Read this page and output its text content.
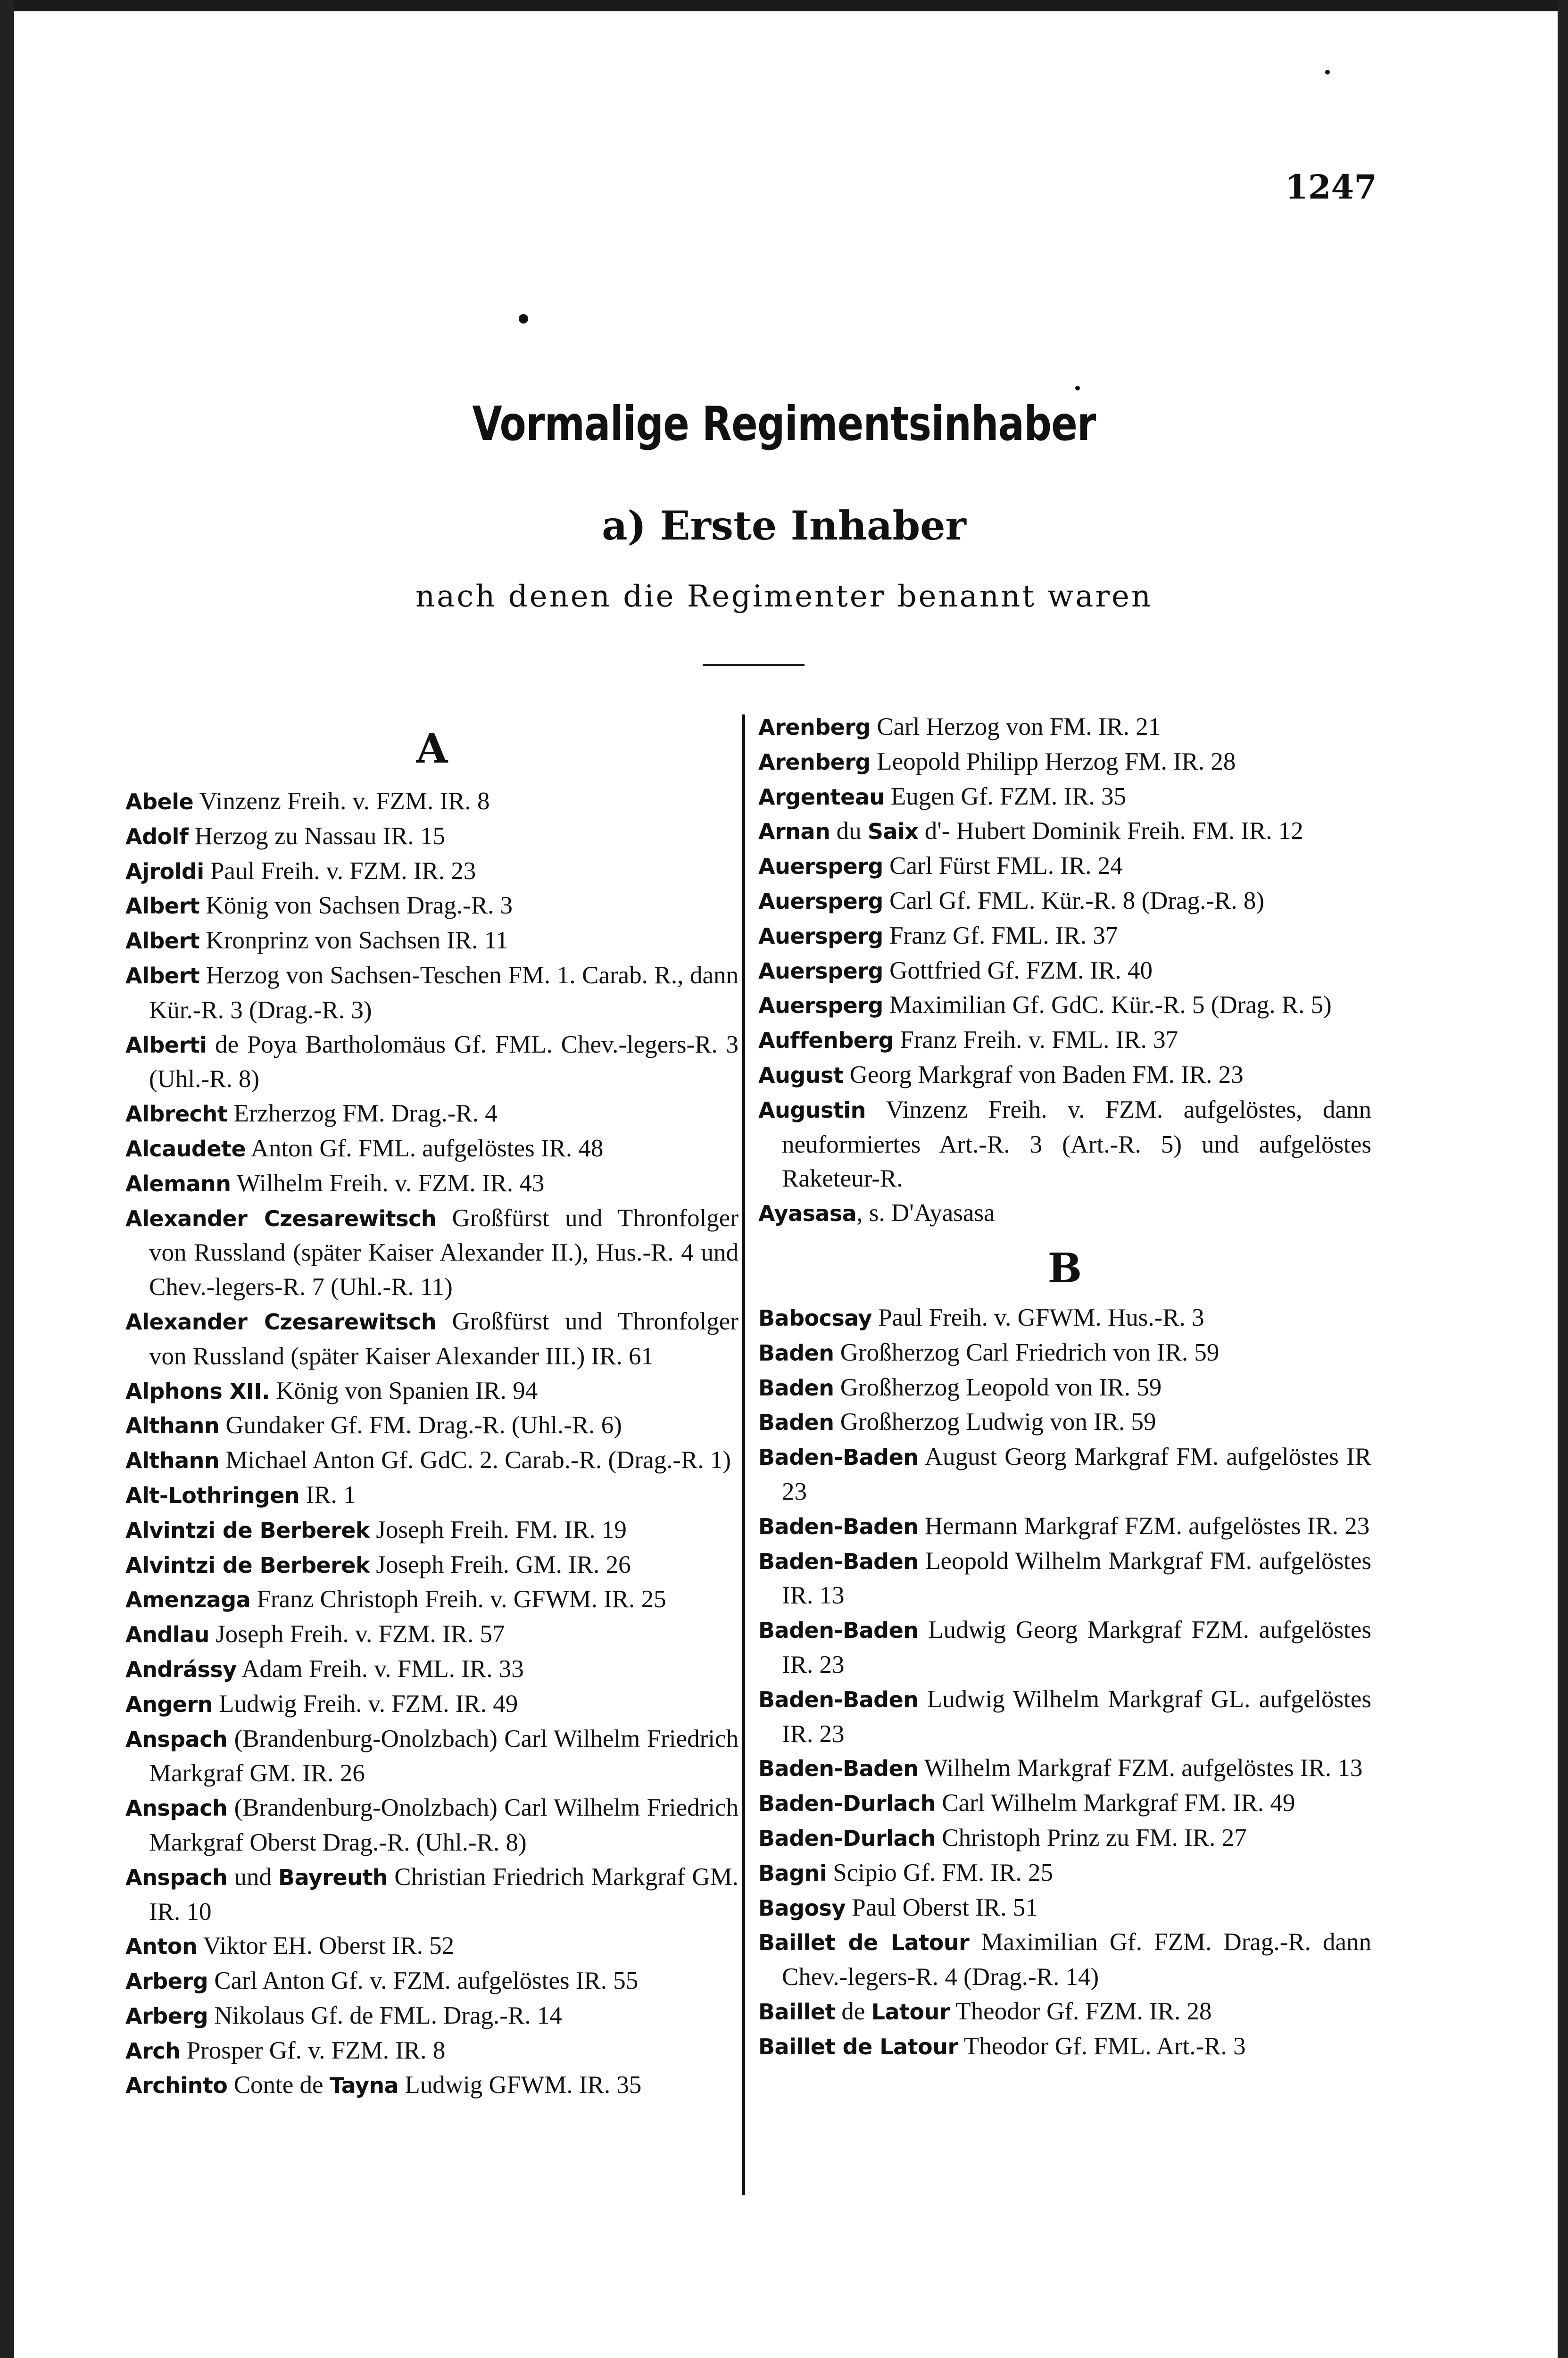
1247
Vormalige Regimentsinhaber
a) Erste Inhaber
nach denen die Regimenter benannt waren
A

Abele Vinzenz Freih. v. FZM. IR. 8

Adolf Herzog zu Nassau IR. 15

Ajroldi Paul Freih. v. FZM. IR. 23

Albert König von Sachsen Drag.-R. 3

Albert Kronprinz von Sachsen IR. 11

Albert Herzog von Sachsen-Teschen FM. 1. Carab. R., dann Kür.-R. 3 (Drag.-R. 3)

Alberti de Poya Bartholomäus Gf. FML. Chev.-legers-R. 3 (Uhl.-R. 8)

Albrecht Erzherzog FM. Drag.-R. 4

Alcaudete Anton Gf. FML. aufgelöstes IR. 48

Alemann Wilhelm Freih. v. FZM. IR. 43

Alexander Czesarewitsch Großfürst und Thronfolger von Russland (später Kaiser Alexander II.), Hus.-R. 4 und Chev.-legers-R. 7 (Uhl.-R. 11)

Alexander Czesarewitsch Großfürst und Thronfolger von Russland (später Kaiser Alexander III.) IR. 61

Alphons XII. König von Spanien IR. 94

Althann Gundaker Gf. FM. Drag.-R. (Uhl.-R. 6)

Althann Michael Anton Gf. GdC. 2. Carab.-R. (Drag.-R. 1)

Alt-Lothringen IR. 1

Alvintzi de Berberek Joseph Freih. FM. IR. 19

Alvintzi de Berberek Joseph Freih. GM. IR. 26

Amenzaga Franz Christoph Freih. v. GFWM. IR. 25

Andlau Joseph Freih. v. FZM. IR. 57

Andrássy Adam Freih. v. FML. IR. 33

Angern Ludwig Freih. v. FZM. IR. 49

Anspach (Brandenburg-Onolzbach) Carl Wilhelm Friedrich Markgraf GM. IR. 26

Anspach (Brandenburg-Onolzbach) Carl Wilhelm Friedrich Markgraf Oberst Drag.-R. (Uhl.-R. 8)

Anspach und Bayreuth Christian Friedrich Markgraf GM. IR. 10

Anton Viktor EH. Oberst IR. 52

Arberg Carl Anton Gf. v. FZM. aufgelöstes IR. 55

Arberg Nikolaus Gf. de FML. Drag.-R. 14

Arch Prosper Gf. v. FZM. IR. 8

Archinto Conte de Tayna Ludwig GFWM. IR. 35

Arenberg Carl Herzog von FM. IR. 21

Arenberg Leopold Philipp Herzog FM. IR. 28

Argenteau Eugen Gf. FZM. IR. 35

Arnan du Saix d'- Hubert Dominik Freih. FM. IR. 12

Auersperg Carl Fürst FML. IR. 24

Auersperg Carl Gf. FML. Kür.-R. 8 (Drag.-R. 8)

Auersperg Franz Gf. FML. IR. 37

Auersperg Gottfried Gf. FZM. IR. 40

Auersperg Maximilian Gf. GdC. Kür.-R. 5 (Drag. R. 5)

Auffenberg Franz Freih. v. FML. IR. 37

August Georg Markgraf von Baden FM. IR. 23

Augustin Vinzenz Freih. v. FZM. aufgelöstes, dann neuformiertes Art.-R. 3 (Art.-R. 5) und aufgelöstes Raketeur-R.

Ayasasa, s. D'Ayasasa

B

Babocsay Paul Freih. v. GFWM. Hus.-R. 3

Baden Großherzog Carl Friedrich von IR. 59

Baden Großherzog Leopold von IR. 59

Baden Großherzog Ludwig von IR. 59

Baden-Baden August Georg Markgraf FM. aufgelöstes IR 23

Baden-Baden Hermann Markgraf FZM. aufgelöstes IR. 23

Baden-Baden Leopold Wilhelm Markgraf FM. aufgelöstes IR. 13

Baden-Baden Ludwig Georg Markgraf FZM. aufgelöstes IR. 23

Baden-Baden Ludwig Wilhelm Markgraf GL. aufgelöstes IR. 23

Baden-Baden Wilhelm Markgraf FZM. aufgelöstes IR. 13

Baden-Durlach Carl Wilhelm Markgraf FM. IR. 49

Baden-Durlach Christoph Prinz zu FM. IR. 27

Bagni Scipio Gf. FM. IR. 25

Bagosy Paul Oberst IR. 51

Baillet de Latour Maximilian Gf. FZM. Drag.-R. dann Chev.-legers-R. 4 (Drag.-R. 14)

Baillet de Latour Theodor Gf. FZM. IR. 28

Baillet de Latour Theodor Gf. FML. Art.-R. 3
